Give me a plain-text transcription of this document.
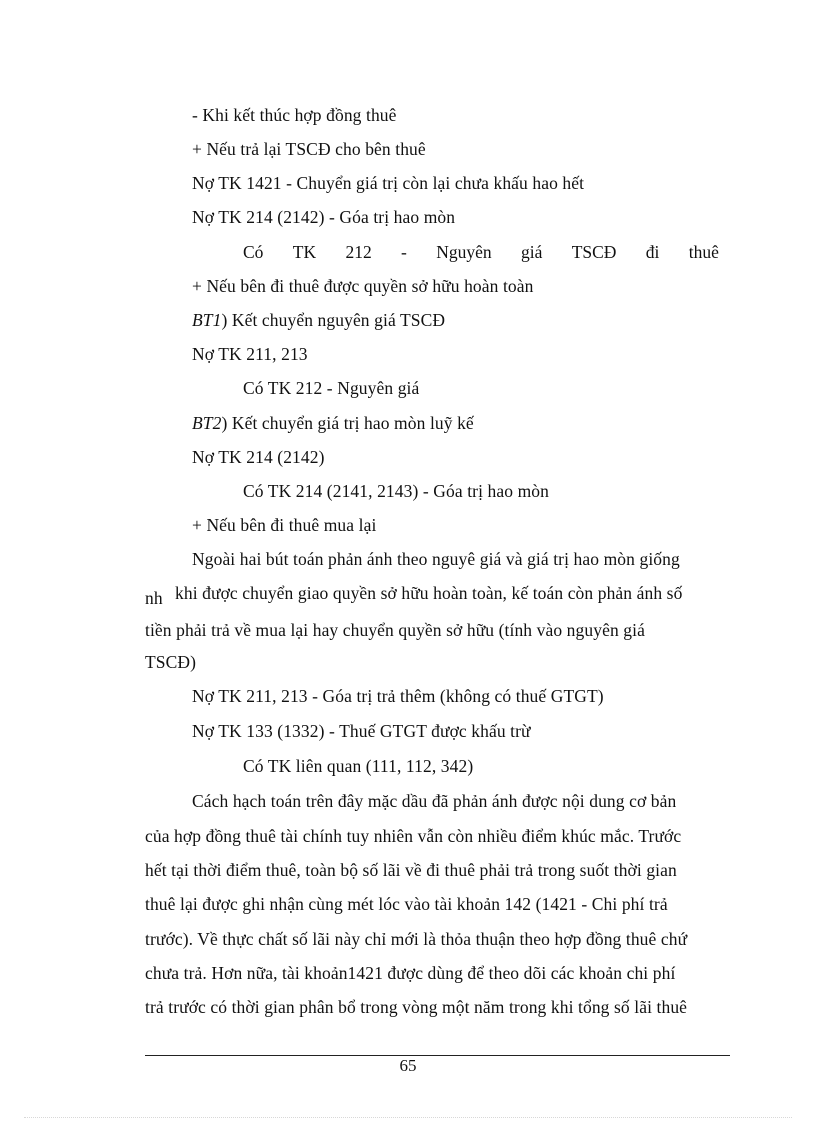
- Khi kết thúc hợp đồng thuê
+ Nếu trả lại TSCĐ cho bên thuê
Nợ TK 1421 - Chuyển giá trị còn lại chưa khấu hao hết
Nợ TK 214 (2142) - Góa trị hao mòn
Có TK 212 - Nguyên giá TSCĐ đi thuê
+ Nếu bên đi thuê được quyền sở hữu hoàn toàn
BT1) Kết chuyển nguyên giá TSCĐ
Nợ TK 211, 213
Có TK 212 - Nguyên giá
BT2) Kết chuyển giá trị hao mòn luỹ kế
Nợ TK 214 (2142)
Có TK 214 (2141, 2143) - Góa trị hao mòn
+ Nếu bên đi thuê mua lại
Ngoài hai bút toán phản ánh theo nguyê giá và giá trị hao mòn giống
nh khi được chuyển giao quyền sở hữu hoàn toàn, kế toán còn phản ánh số
tiền phải trả về mua lại hay chuyển quyền sở hữu (tính vào nguyên giá
TSCĐ)
Nợ TK 211, 213 - Góa trị trả thêm (không có thuế GTGT)
Nợ TK 133 (1332) - Thuế GTGT được khấu trừ
Có TK liên quan (111, 112, 342)
Cách hạch toán trên đây mặc dầu đã phản ánh được nội dung cơ bản
của hợp đồng thuê tài chính tuy nhiên vẫn còn nhiều điểm khúc mắc. Trước
hết tại thời điểm thuê, toàn bộ số lãi về đi thuê phải trả trong suốt thời gian
thuê lại được ghi nhận cùng mét lóc vào tài khoản 142 (1421 - Chi phí trả
trước). Về thực chất số lãi này chỉ mới là thỏa thuận theo hợp đồng thuê chứ
chưa trả. Hơn nữa, tài khoản1421 được dùng để theo dõi các khoản chi phí
trả trước có thời gian phân bổ trong vòng một năm trong khi tổng số lãi thuê
65
